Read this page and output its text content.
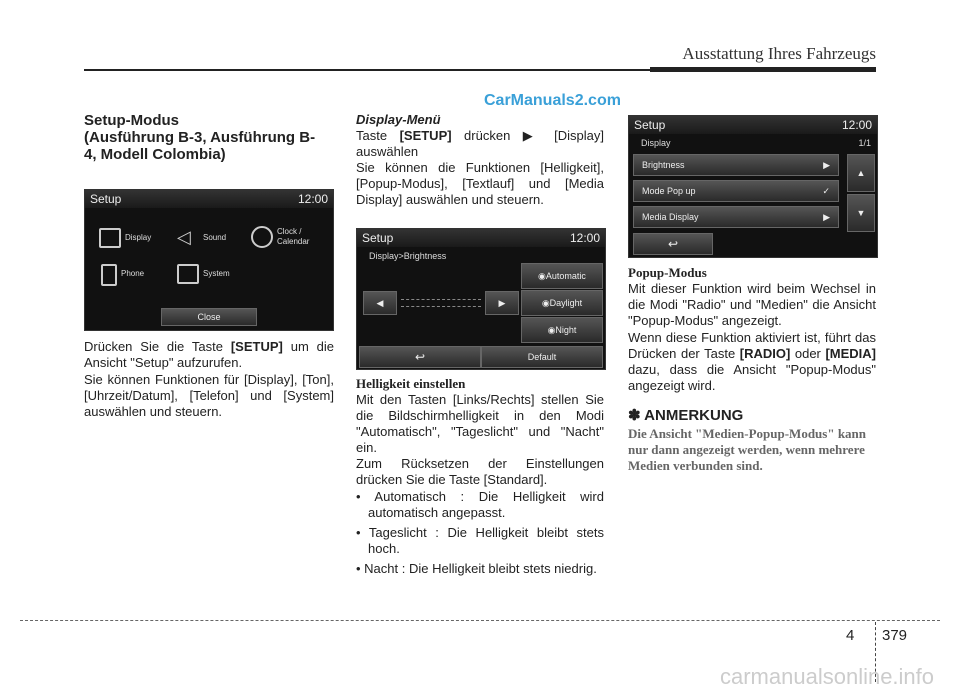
Ausstattung Ihres Fahrzeugs
CarManuals2.com
Setup-Modus
(Ausführung B-3, Ausführung B-
4, Modell Colombia)
Setup	12:00
Display ◁ Sound
Clock /
Calendar
Phone	System
Close
Drücken Sie die Taste [SETUP] um die Ansicht "Setup" aufzurufen.
Sie können Funktionen für [Display], [Ton], [Uhrzeit/Datum], [Telefon] und [System] auswählen und steuern.
Display-Menü
Taste [SETUP] drücken ▶ [Display] auswählen
Sie können die Funktionen [Helligkeit], [Popup-Modus], [Textlauf] und [Media Display] auswählen und steuern.
Setup	12:00
Display>Brightness
◀	▶
◉ Automatic
◉ Daylight
◉ Night
↩	Default
Helligkeit einstellen
Mit den Tasten [Links/Rechts] stellen Sie die Bildschirmhelligkeit in den Modi "Automatisch", "Tageslicht" und "Nacht" ein.
Zum Rücksetzen der Einstellungen drücken Sie die Taste [Standard].
• Automatisch : Die Helligkeit wird automatisch angepasst.
• Tageslicht : Die Helligkeit bleibt stets hoch.
• Nacht : Die Helligkeit bleibt stets niedrig.
Setup	12:00
Display	1/1
Brightness	▶
Mode Pop up	✓
Media Display	▶
▲
▼
↩
Popup-Modus
Mit dieser Funktion wird beim Wechsel in die Modi "Radio" und "Medien" die Ansicht "Popup-Modus" angezeigt.
Wenn diese Funktion aktiviert ist, führt das Drücken der Taste [RADIO] oder [MEDIA] dazu, dass die Ansicht "Popup-Modus" angezeigt wird.
✽ ANMERKUNG
Die Ansicht "Medien-Popup-Modus" kann nur dann angezeigt werden, wenn mehrere Medien verbunden sind.
4 379
carmanualsonline.info
